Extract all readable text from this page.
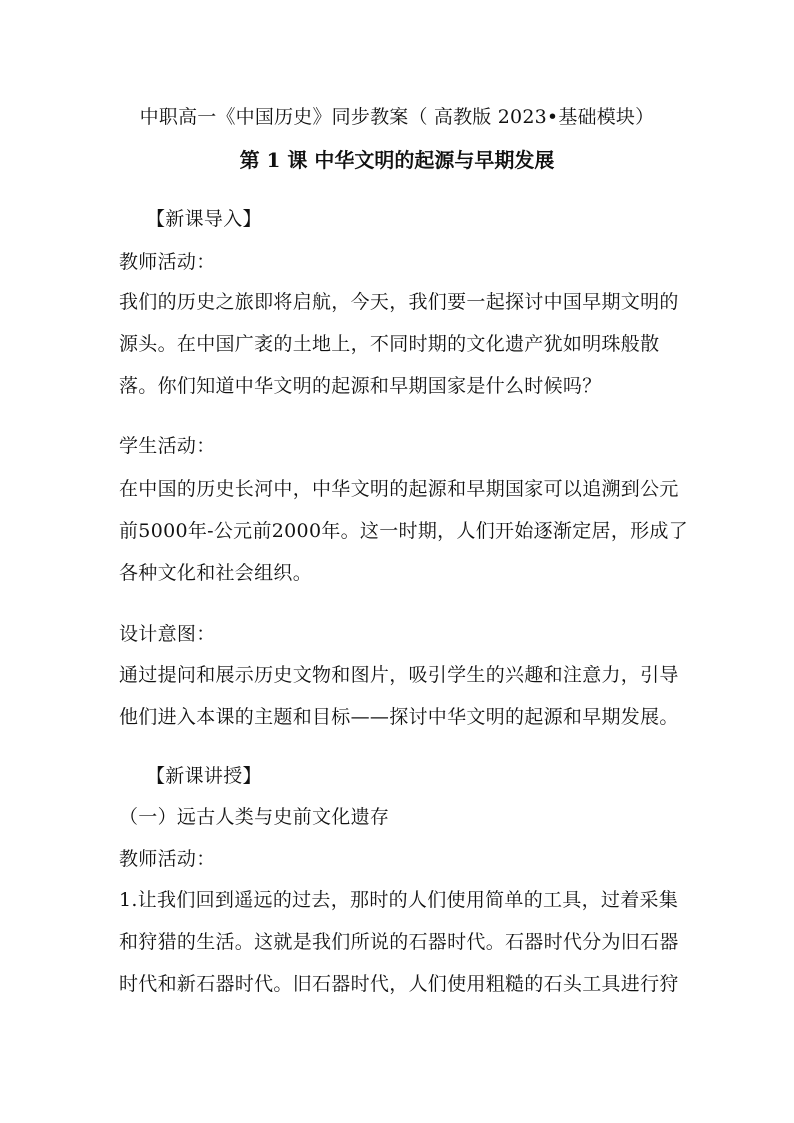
中职高一《中国历史》同步教案（ 高教版 2023•基础模块）
第 1 课 中华文明的起源与早期发展
【新课导入】
教师活动：
我们的历史之旅即将启航，今天，我们要一起探讨中国早期文明的
源头。在中国广袤的土地上，不同时期的文化遗产犹如明珠般散
落。你们知道中华文明的起源和早期国家是什么时候吗？
学生活动：
在中国的历史长河中，中华文明的起源和早期国家可以追溯到公元
前5000年-公元前2000年。这一时期，人们开始逐渐定居，形成了
各种文化和社会组织。
设计意图：
通过提问和展示历史文物和图片，吸引学生的兴趣和注意力，引导
他们进入本课的主题和目标——探讨中华文明的起源和早期发展。
【新课讲授】
（一）远古人类与史前文化遗存
教师活动：
1.让我们回到遥远的过去，那时的人们使用简单的工具，过着采集
和狩猎的生活。这就是我们所说的石器时代。石器时代分为旧石器
时代和新石器时代。旧石器时代，人们使用粗糙的石头工具进行狩
